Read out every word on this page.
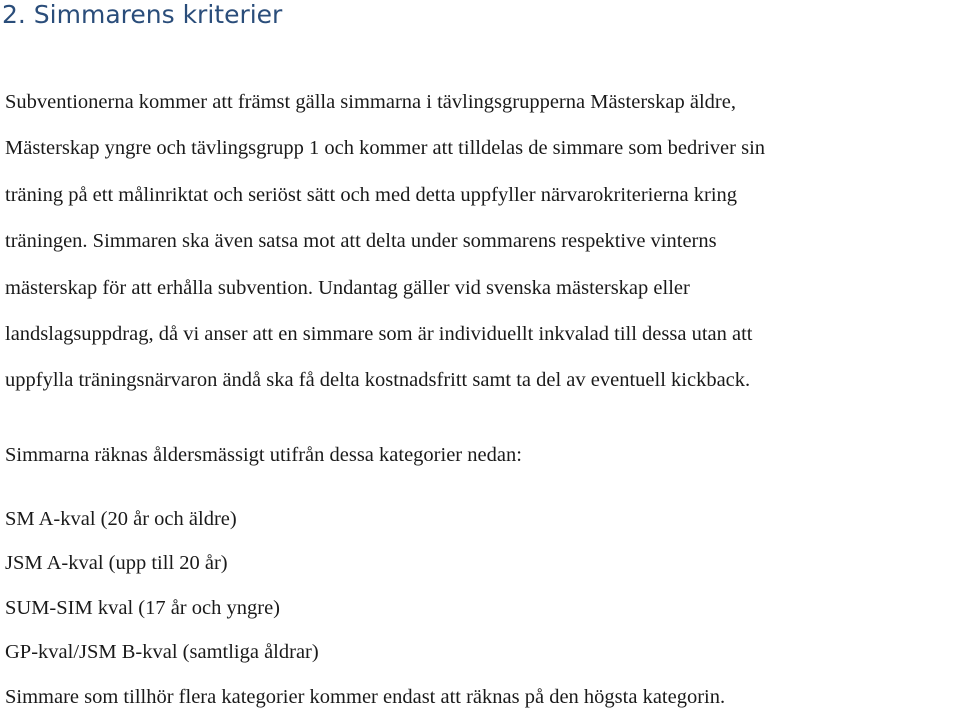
2. Simmarens kriterier

Subventionerna kommer att främst gälla simmarna i tävlingsgrupperna Mästerskap äldre,
Mästerskap yngre och tävlingsgrupp 1 och kommer att tilldelas de simmare som bedriver sin
träning på ett målinriktat och seriöst sätt och med detta uppfyller närvarokriterierna kring
träningen. Simmaren ska även satsa mot att delta under sommarens respektive vinterns
mästerskap för att erhålla subvention. Undantag gäller vid svenska mästerskap eller
landslagsuppdrag, då vi anser att en simmare som är individuellt inkvalad till dessa utan att
uppfylla träningsnärvaron ändå ska få delta kostnadsfritt samt ta del av eventuell kickback.

Simmarna räknas åldersmässigt utifrån dessa kategorier nedan:

SM A-kval (20 år och äldre)
JSM A-kval (upp till 20 år)
SUM-SIM kval (17 år och yngre)
GP-kval/JSM B-kval (samtliga åldrar)
Simmare som tillhör flera kategorier kommer endast att räknas på den högsta kategorin.
